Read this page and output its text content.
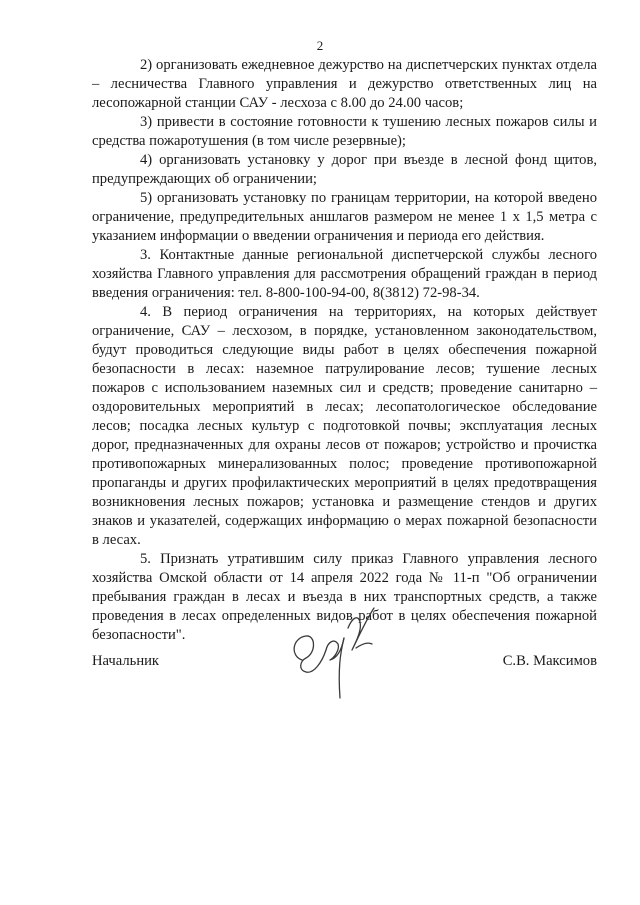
2

2) организовать ежедневное дежурство на диспетчерских пунктах отдела – лесничества Главного управления и дежурство ответственных лиц на лесопожарной станции САУ - лесхоза с 8.00 до 24.00 часов;

3) привести в состояние готовности к тушению лесных пожаров силы и средства пожаротушения (в том числе резервные);

4) организовать установку у дорог при въезде в лесной фонд щитов, предупреждающих об ограничении;

5) организовать установку по границам территории, на которой введено ограничение, предупредительных аншлагов размером не менее 1 х 1,5 метра с указанием информации о введении ограничения и периода его действия.

3. Контактные данные региональной диспетчерской службы лесного хозяйства Главного управления для рассмотрения обращений граждан в период введения ограничения: тел. 8-800-100-94-00, 8(3812) 72-98-34.

4. В период ограничения на территориях, на которых действует ограничение, САУ – лесхозом, в порядке, установленном законодательством, будут проводиться следующие виды работ в целях обеспечения пожарной безопасности в лесах: наземное патрулирование лесов; тушение лесных пожаров с использованием наземных сил и средств; проведение санитарно – оздоровительных мероприятий в лесах; лесопатологическое обследование лесов; посадка лесных культур с подготовкой почвы; эксплуатация лесных дорог, предназначенных для охраны лесов от пожаров; устройство и прочистка противопожарных минерализованных полос; проведение противопожарной пропаганды и других профилактических мероприятий в целях предотвращения возникновения лесных пожаров; установка и размещение стендов и других знаков и указателей, содержащих информацию о мерах пожарной безопасности в лесах.

5. Признать утратившим силу приказ Главного управления лесного хозяйства Омской области от 14 апреля 2022 года № 11-п "Об ограничении пребывания граждан в лесах и въезда в них транспортных средств, а также проведения в лесах определенных видов работ в целях обеспечения пожарной безопасности".

Начальник	С.В. Максимов
